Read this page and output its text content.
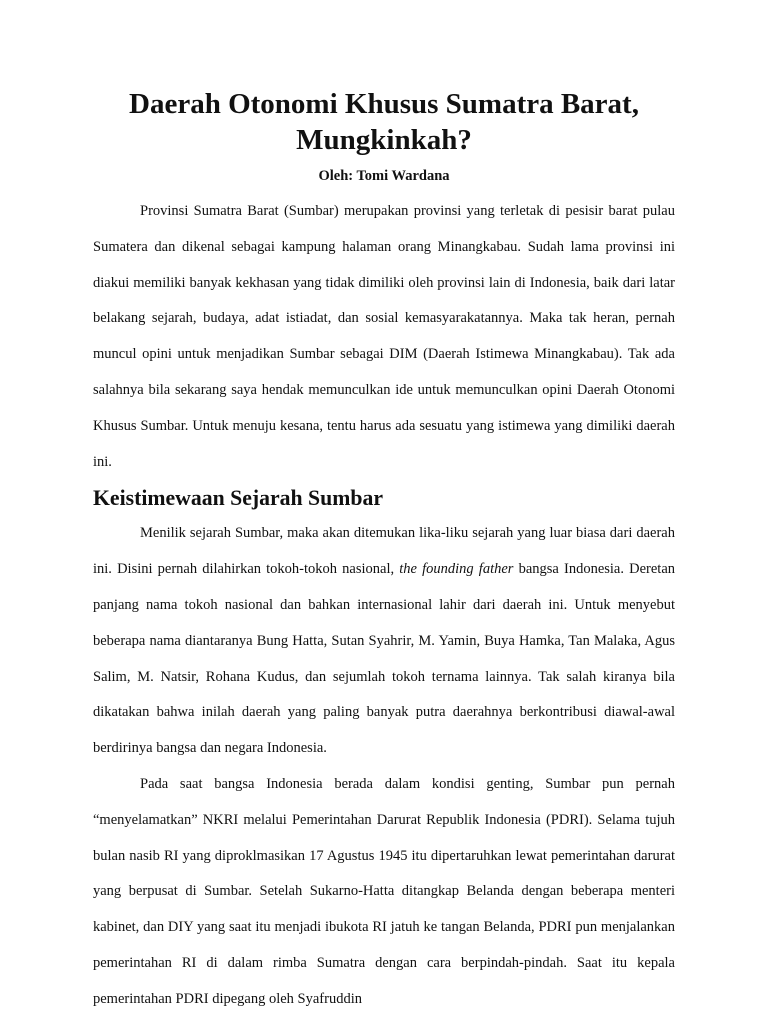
Daerah Otonomi Khusus Sumatra Barat, Mungkinkah?
Oleh: Tomi Wardana

Provinsi Sumatra Barat (Sumbar) merupakan provinsi yang terletak di pesisir barat pulau Sumatera dan dikenal sebagai kampung halaman orang Minangkabau. Sudah lama provinsi ini diakui memiliki banyak kekhasan yang tidak dimiliki oleh provinsi lain di Indonesia, baik dari latar belakang sejarah, budaya, adat istiadat, dan sosial kemasyarakatannya. Maka tak heran, pernah muncul opini untuk menjadikan Sumbar sebagai DIM (Daerah Istimewa Minangkabau). Tak ada salahnya bila sekarang saya hendak memunculkan ide untuk memunculkan opini Daerah Otonomi Khusus Sumbar. Untuk menuju kesana, tentu harus ada sesuatu yang istimewa yang dimiliki daerah ini.

Keistimewaan Sejarah Sumbar

Menilik sejarah Sumbar, maka akan ditemukan lika-liku sejarah yang luar biasa dari daerah ini. Disini pernah dilahirkan tokoh-tokoh nasional, the founding father bangsa Indonesia. Deretan panjang nama tokoh nasional dan bahkan internasional lahir dari daerah ini. Untuk menyebut beberapa nama diantaranya Bung Hatta, Sutan Syahrir, M. Yamin, Buya Hamka, Tan Malaka, Agus Salim, M. Natsir, Rohana Kudus, dan sejumlah tokoh ternama lainnya. Tak salah kiranya bila dikatakan bahwa inilah daerah yang paling banyak putra daerahnya berkontribusi diawal-awal berdirinya bangsa dan negara Indonesia.

Pada saat bangsa Indonesia berada dalam kondisi genting, Sumbar pun pernah “menyelamatkan” NKRI melalui Pemerintahan Darurat Republik Indonesia (PDRI). Selama tujuh bulan nasib RI yang diproklmasikan 17 Agustus 1945 itu dipertaruhkan lewat pemerintahan darurat yang berpusat di Sumbar. Setelah Sukarno-Hatta ditangkap Belanda dengan beberapa menteri kabinet, dan DIY yang saat itu menjadi ibukota RI jatuh ke tangan Belanda, PDRI pun menjalankan pemerintahan RI di dalam rimba Sumatra dengan cara berpindah-pindah. Saat itu kepala pemerintahan PDRI dipegang oleh Syafruddin
